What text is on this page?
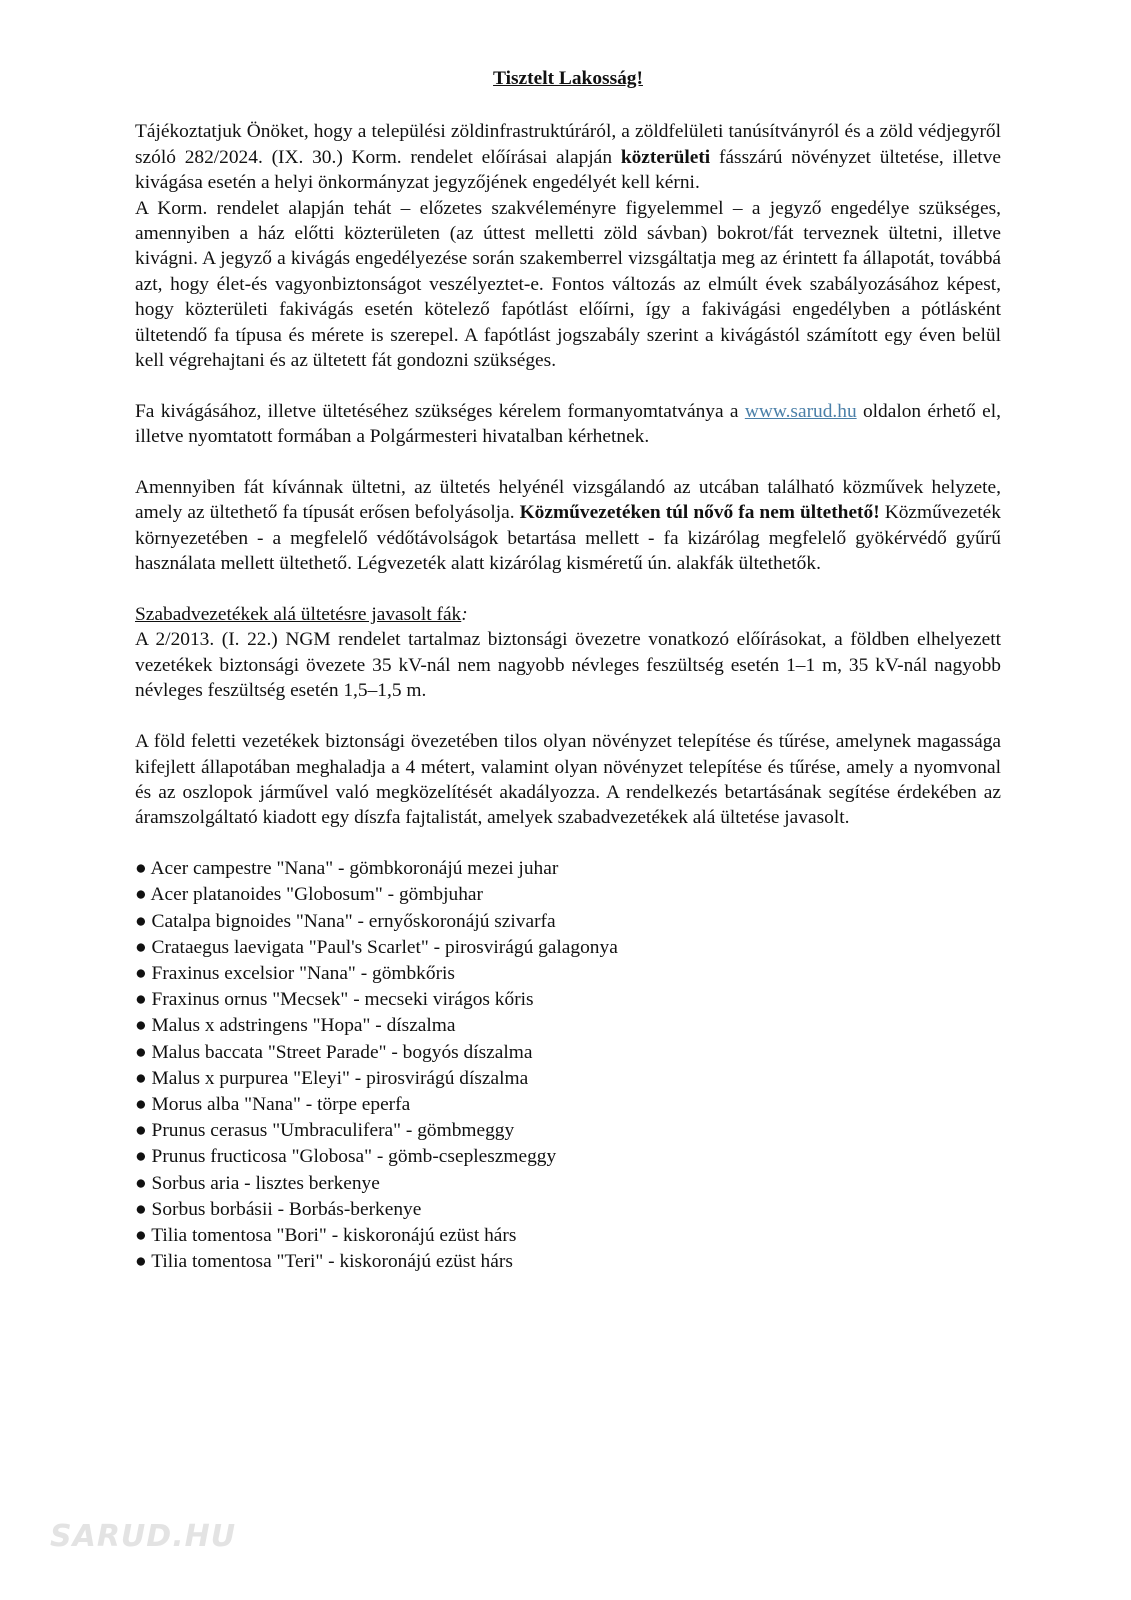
Tisztelt Lakosság!

Tájékoztatjuk Önöket, hogy a települési zöldinfrastruktúráról, a zöldfelületi tanúsítványról és a zöld védjegyről szóló 282/2024. (IX. 30.) Korm. rendelet előírásai alapján közterületi fásszárú növényzet ültetése, illetve kivágása esetén a helyi önkormányzat jegyzőjének engedélyét kell kérni.

A Korm. rendelet alapján tehát – előzetes szakvéleményre figyelemmel – a jegyző engedélye szükséges, amennyiben a ház előtti közterületen (az úttest melletti zöld sávban) bokrot/fát terveznek ültetni, illetve kivágni. A jegyző a kivágás engedélyezése során szakemberrel vizsgáltatja meg az érintett fa állapotát, továbbá azt, hogy élet-és vagyonbiztonságot veszélyeztet-e. Fontos változás az elmúlt évek szabályozásához képest, hogy közterületi fakivágás esetén kötelező fapótlást előírni, így a fakivágási engedélyben a pótlásként ültetendő fa típusa és mérete is szerepel. A fapótlást jogszabály szerint a kivágástól számított egy éven belül kell végrehajtani és az ültetett fát gondozni szükséges.

Fa kivágásához, illetve ültetéséhez szükséges kérelem formanyomtatványa a www.sarud.hu oldalon érhető el, illetve nyomtatott formában a Polgármesteri hivatalban kérhetnek.

Amennyiben fát kívánnak ültetni, az ültetés helyénél vizsgálandó az utcában található közművek helyzete, amely az ültethető fa típusát erősen befolyásolja. Közművezetéken túl nővő fa nem ültethető! Közművezeték környezetében - a megfelelő védőtávolságok betartása mellett - fa kizárólag megfelelő gyökérvédő gyűrű használata mellett ültethető. Légvezeték alatt kizárólag kisméretű ún. alakfák ültethetők.

Szabadvezetékek alá ültetésre javasolt fák:

A 2/2013. (I. 22.) NGM rendelet tartalmaz biztonsági övezetre vonatkozó előírásokat, a földben elhelyezett vezetékek biztonsági övezete 35 kV-nál nem nagyobb névleges feszültség esetén 1–1 m, 35 kV-nál nagyobb névleges feszültség esetén 1,5–1,5 m.

A föld feletti vezetékek biztonsági övezetében tilos olyan növényzet telepítése és tűrése, amelynek magassága kifejlett állapotában meghaladja a 4 métert, valamint olyan növényzet telepítése és tűrése, amely a nyomvonal és az oszlopok járművel való megközelítését akadályozza. A rendelkezés betartásának segítése érdekében az áramszolgáltató kiadott egy díszfa fajtalistát, amelyek szabadvezetékek alá ültetése javasolt.

● Acer campestre "Nana" - gömbkoronájú mezei juhar
● Acer platanoides "Globosum" - gömbjuhar
● Catalpa bignoides "Nana" - ernyőskoronájú szivarfa
● Crataegus laevigata "Paul's Scarlet" - pirosvirágú galagonya
● Fraxinus excelsior "Nana" - gömbkőris
● Fraxinus ornus "Mecsek" - mecseki virágos kőris
● Malus x adstringens "Hopa" - díszalma
● Malus baccata "Street Parade" - bogyós díszalma
● Malus x purpurea "Eleyi" - pirosvirágú díszalma
● Morus alba "Nana" - törpe eperfa
● Prunus cerasus "Umbraculifera" - gömbmeggy
● Prunus fructicosa "Globosa" - gömb-csepleszmeggy
● Sorbus aria - lisztes berkenye
● Sorbus borbásii - Borbás-berkenye
● Tilia tomentosa "Bori" - kiskoronájú ezüst hárs
● Tilia tomentosa "Teri" - kiskoronájú ezüst hárs
SARUD.HU
